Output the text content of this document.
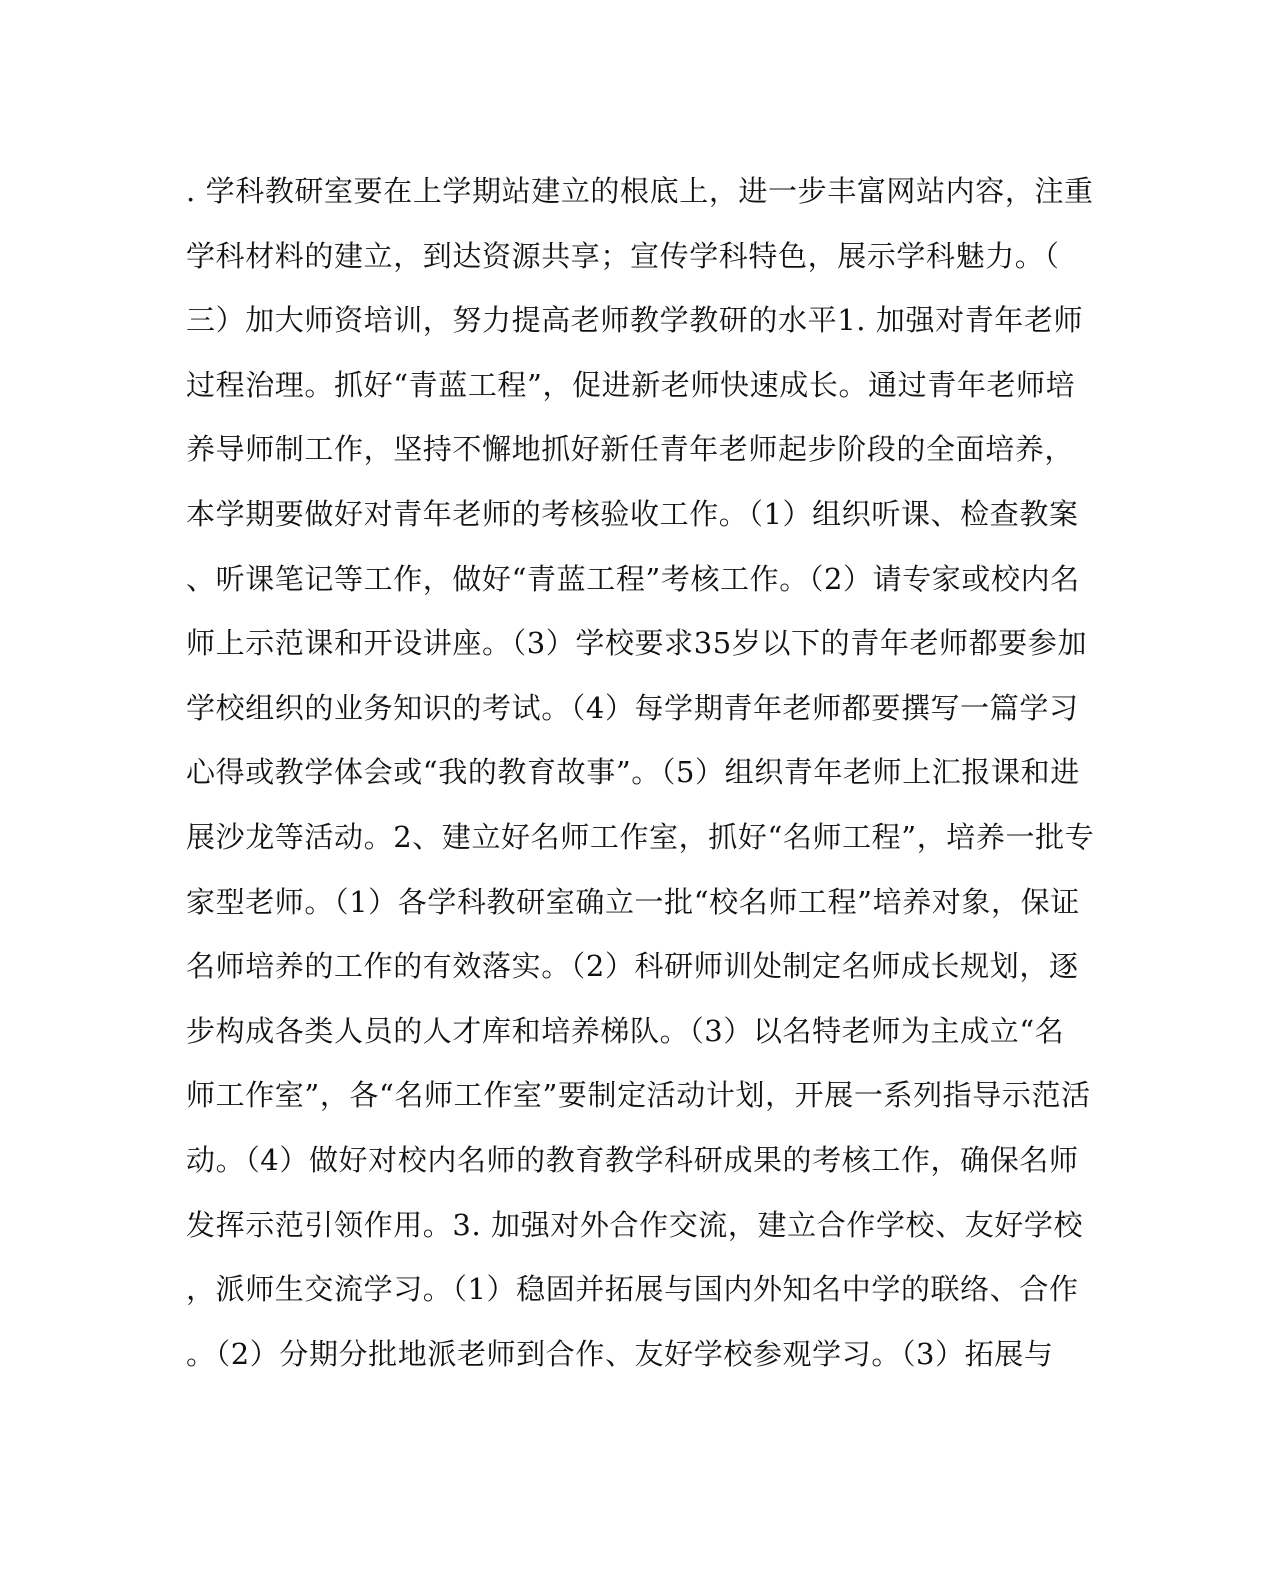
. 学科教研室要在上学期站建立的根底上，进一步丰富网站内容，注重
学科材料的建立，到达资源共享；宣传学科特色，展示学科魅力。（
三）加大师资培训，努力提高老师教学教研的水平1. 加强对青年老师
过程治理。抓好“青蓝工程”，促进新老师快速成长。通过青年老师培
养导师制工作，坚持不懈地抓好新任青年老师起步阶段的全面培养，
本学期要做好对青年老师的考核验收工作。（1）组织听课、检查教案
、听课笔记等工作，做好“青蓝工程”考核工作。（2）请专家或校内名
师上示范课和开设讲座。（3）学校要求35岁以下的青年老师都要参加
学校组织的业务知识的考试。（4）每学期青年老师都要撰写一篇学习
心得或教学体会或“我的教育故事”。（5）组织青年老师上汇报课和进
展沙龙等活动。2、建立好名师工作室，抓好“名师工程”，培养一批专
家型老师。（1）各学科教研室确立一批“校名师工程”培养对象，保证
名师培养的工作的有效落实。（2）科研师训处制定名师成长规划，逐
步构成各类人员的人才库和培养梯队。（3）以名特老师为主成立“名
师工作室”，各“名师工作室”要制定活动计划，开展一系列指导示范活
动。（4）做好对校内名师的教育教学科研成果的考核工作，确保名师
发挥示范引领作用。3. 加强对外合作交流，建立合作学校、友好学校
，派师生交流学习。（1）稳固并拓展与国内外知名中学的联络、合作
。（2）分期分批地派老师到合作、友好学校参观学习。（3）拓展与
